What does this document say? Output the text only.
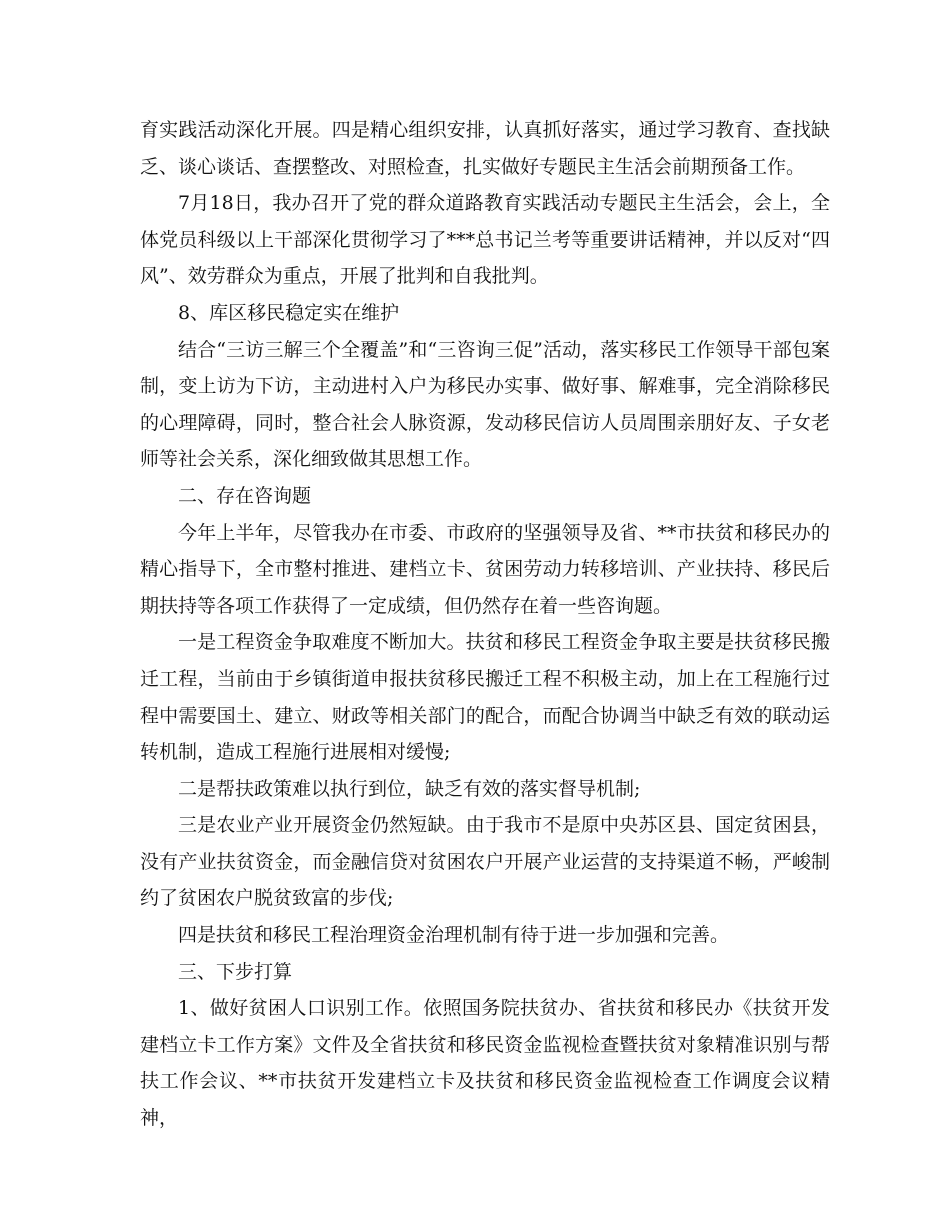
育实践活动深化开展。四是精心组织安排，认真抓好落实，通过学习教育、查找缺乏、谈心谈话、查摆整改、对照检查，扎实做好专题民主生活会前期预备工作。

7月18日，我办召开了党的群众道路教育实践活动专题民主生活会，会上，全体党员科级以上干部深化贯彻学习了***总书记兰考等重要讲话精神，并以反对“四风”、效劳群众为重点，开展了批判和自我批判。

8、库区移民稳定实在维护

结合“三访三解三个全覆盖”和“三咨询三促”活动，落实移民工作领导干部包案制，变上访为下访，主动进村入户为移民办实事、做好事、解难事，完全消除移民的心理障碍，同时，整合社会人脉资源，发动移民信访人员周围亲朋好友、子女老师等社会关系，深化细致做其思想工作。

二、存在咨询题

今年上半年，尽管我办在市委、市政府的坚强领导及省、**市扶贫和移民办的精心指导下，全市整村推进、建档立卡、贫困劳动力转移培训、产业扶持、移民后期扶持等各项工作获得了一定成绩，但仍然存在着一些咨询题。

一是工程资金争取难度不断加大。扶贫和移民工程资金争取主要是扶贫移民搬迁工程，当前由于乡镇街道申报扶贫移民搬迁工程不积极主动，加上在工程施行过程中需要国土、建立、财政等相关部门的配合，而配合协调当中缺乏有效的联动运转机制，造成工程施行进展相对缓慢;

二是帮扶政策难以执行到位，缺乏有效的落实督导机制;

三是农业产业开展资金仍然短缺。由于我市不是原中央苏区县、国定贫困县，没有产业扶贫资金，而金融信贷对贫困农户开展产业运营的支持渠道不畅，严峻制约了贫困农户脱贫致富的步伐;

四是扶贫和移民工程治理资金治理机制有待于进一步加强和完善。

三、下步打算

1、做好贫困人口识别工作。依照国务院扶贫办、省扶贫和移民办《扶贫开发建档立卡工作方案》文件及全省扶贫和移民资金监视检查暨扶贫对象精准识别与帮扶工作会议、**市扶贫开发建档立卡及扶贫和移民资金监视检查工作调度会议精神，
